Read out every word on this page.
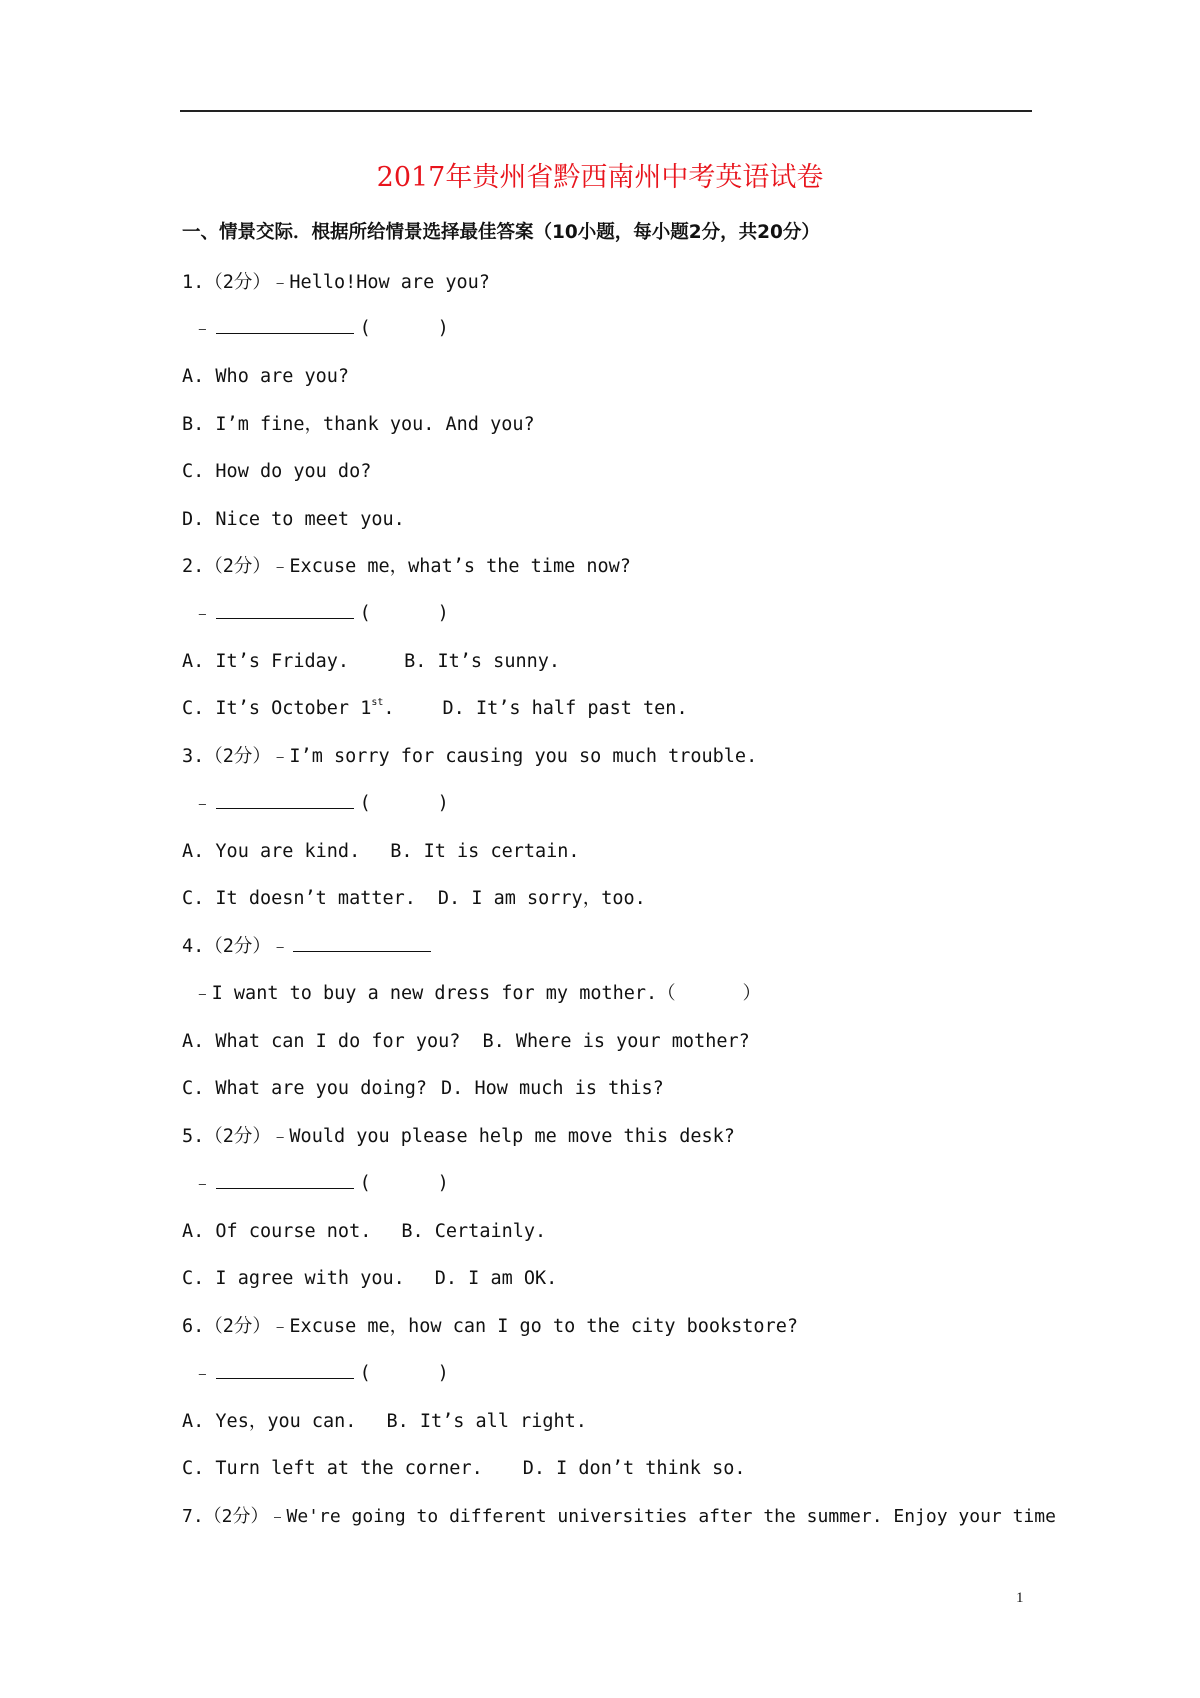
2017年贵州省黔西南州中考英语试卷
一、情景交际．根据所给情景选择最佳答案（10小题，每小题2分，共20分）
1.（2分）﹣Hello!How are you?
﹣	(      )
A. Who are you?
B. I’m fine，thank you. And you?
C. How do you do?
D. Nice to meet you.
2.（2分）﹣Excuse me，what’s the time now?
﹣	(      )
A. It’s Friday.	B. It’s sunny.
C. It’s October 1st.	D. It’s half past ten.
3.（2分）﹣I’m sorry for causing you so much trouble.
﹣	(      )
A. You are kind. B. It is certain.
C. It doesn’t matter. D. I am sorry，too.
4.（2分）﹣
﹣I want to buy a new dress for my mother.（      ）
A. What can I do for you? B. Where is your mother?
C. What are you doing? D. How much is this?
5.（2分）﹣Would you please help me move this desk?
﹣	(      )
A. Of course not. B. Certainly.
C. I agree with you. D. I am OK.
6.（2分）﹣Excuse me，how can I go to the city bookstore?
﹣	(      )
A. Yes，you can. B. It’s all right.
C. Turn left at the corner. D. I don’t think so.
7.（2分）﹣We're going to different universities after the summer. Enjoy your time
1
